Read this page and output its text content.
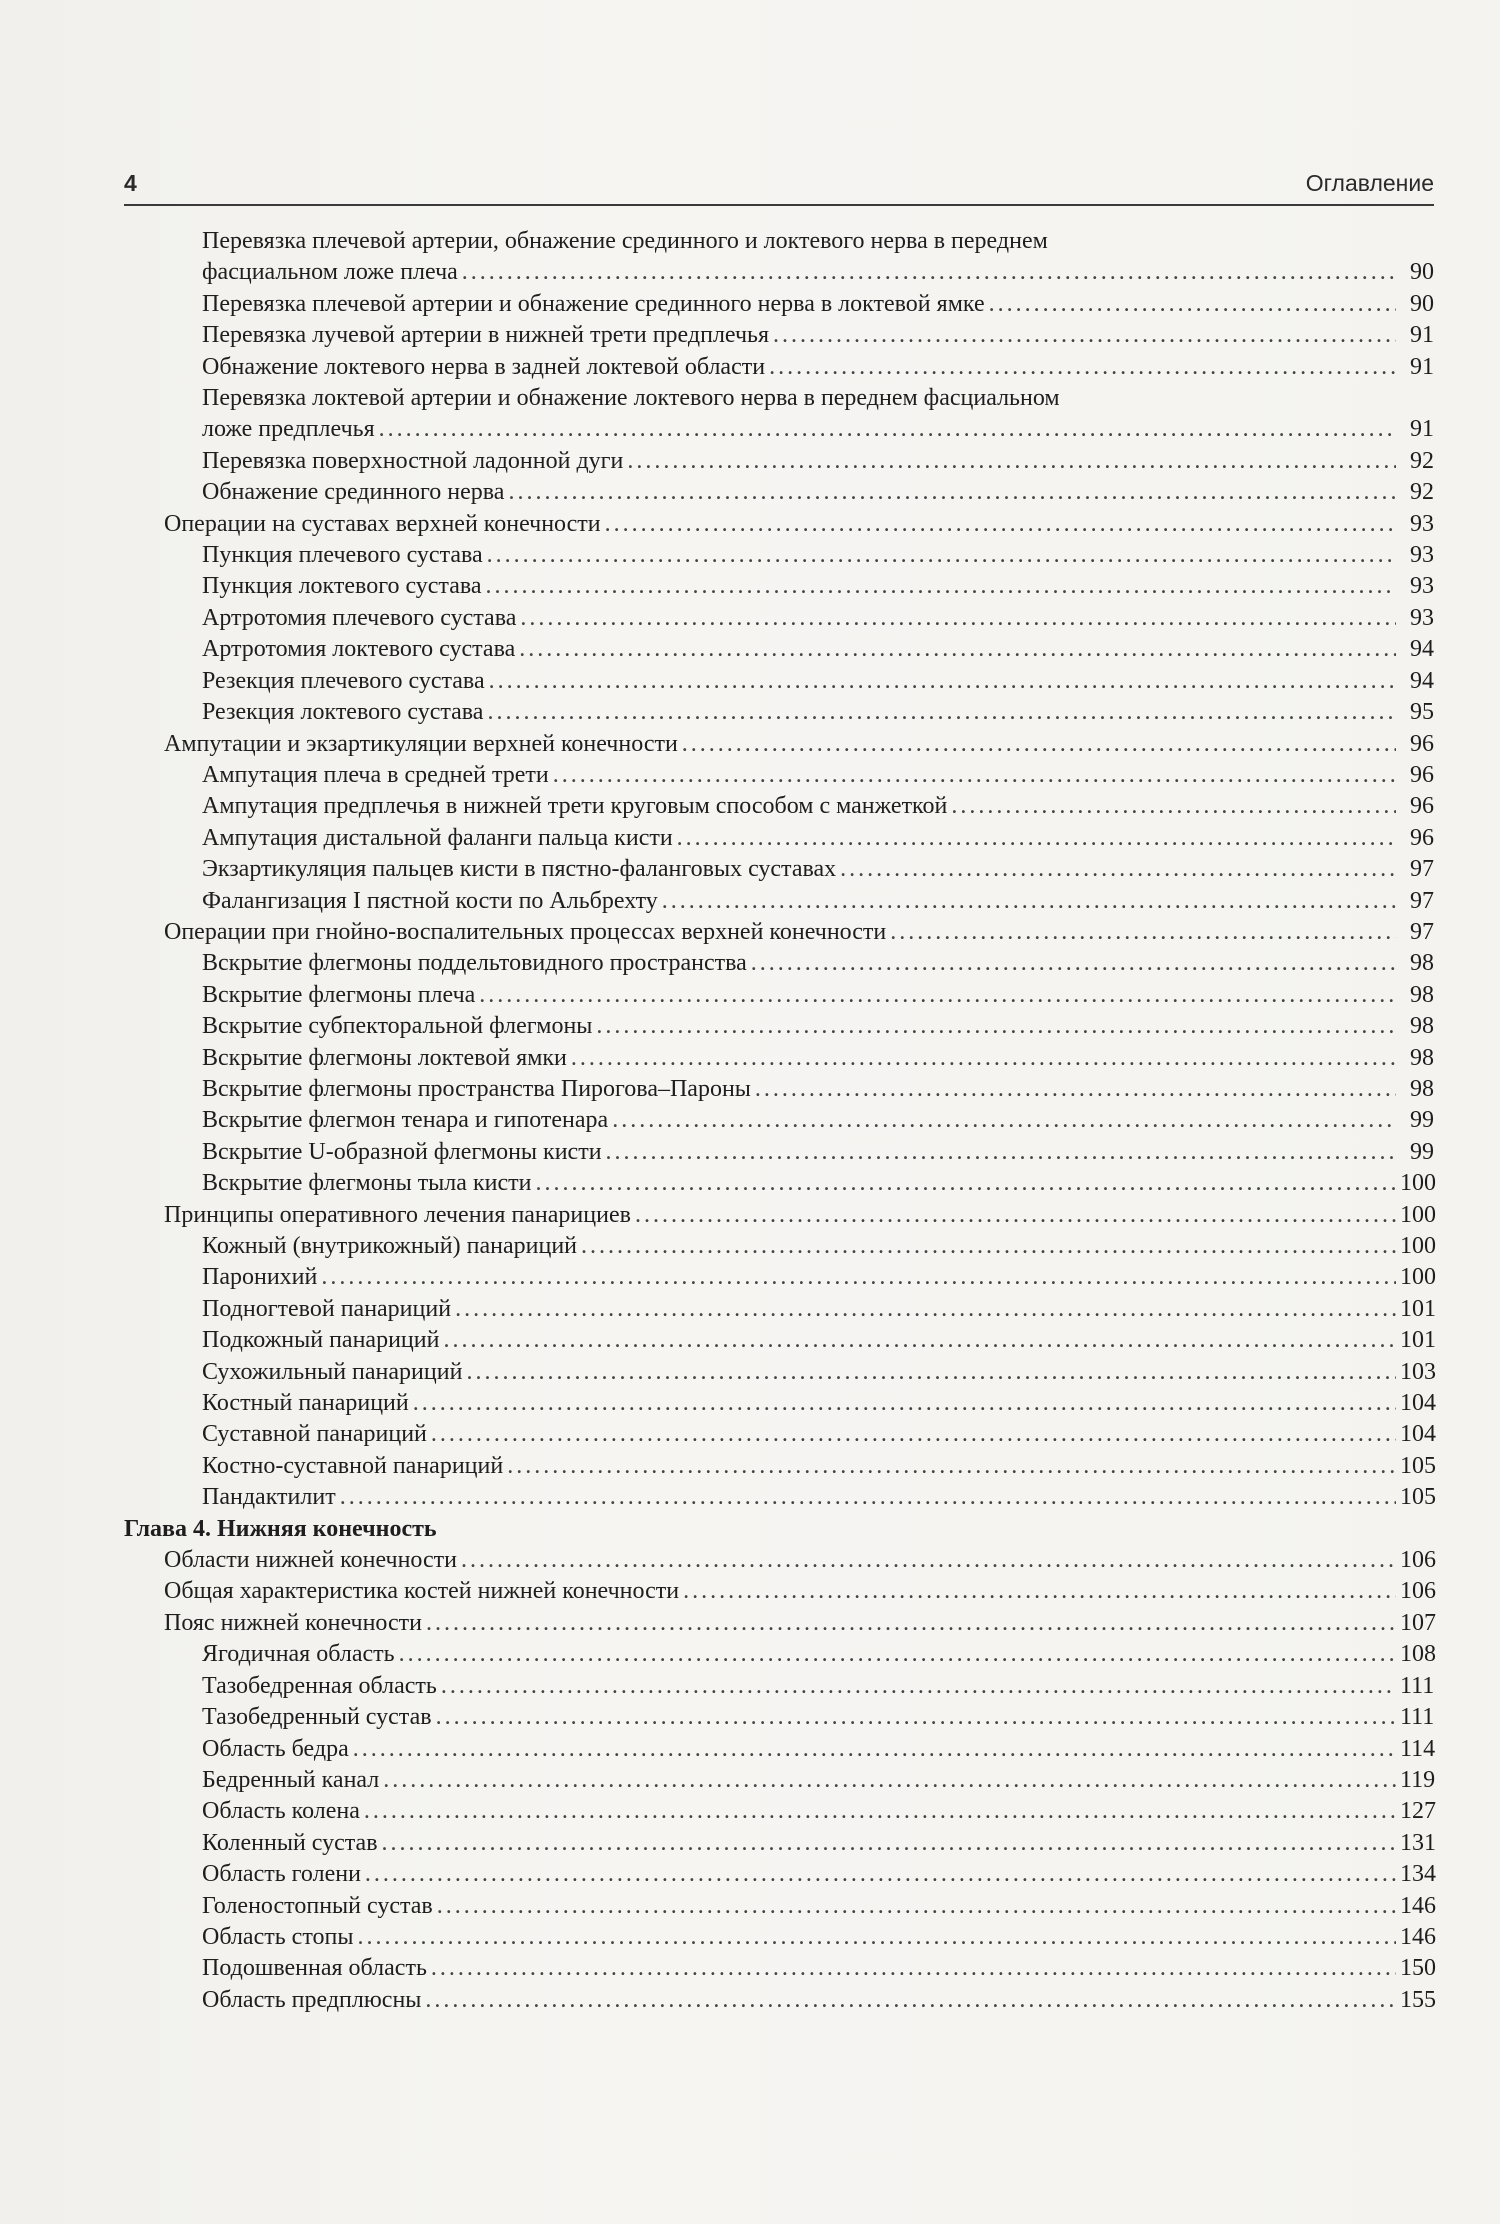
4	Оглавление
Перевязка плечевой артерии, обнажение срединного и локтевого нерва в переднем
фасциальном ложе плеча .....	90
Перевязка плечевой артерии и обнажение срединного нерва в локтевой ямке .....	90
Перевязка лучевой артерии в нижней трети предплечья .....	91
Обнажение локтевого нерва в задней локтевой области .....	91
Перевязка локтевой артерии и обнажение локтевого нерва в переднем фасциальном
ложе предплечья .....	91
Перевязка поверхностной ладонной дуги .....	92
Обнажение срединного нерва .....	92
Операции на суставах верхней конечности .....	93
Пункция плечевого сустава .....	93
Пункция локтевого сустава .....	93
Артротомия плечевого сустава .....	93
Артротомия локтевого сустава .....	94
Резекция плечевого сустава .....	94
Резекция локтевого сустава .....	95
Ампутации и экзартикуляции верхней конечности .....	96
Ампутация плеча в средней трети .....	96
Ампутация предплечья в нижней трети круговым способом с манжеткой .....	96
Ампутация дистальной фаланги пальца кисти .....	96
Экзартикуляция пальцев кисти в пястно-фаланговых суставах .....	97
Фалангизация I пястной кости по Альбрехту .....	97
Операции при гнойно-воспалительных процессах верхней конечности .....	97
Вскрытие флегмоны поддельтовидного пространства .....	98
Вскрытие флегмоны плеча .....	98
Вскрытие субпекторальной флегмоны .....	98
Вскрытие флегмоны локтевой ямки .....	98
Вскрытие флегмоны пространства Пирогова–Пароны .....	98
Вскрытие флегмон тенара и гипотенара .....	99
Вскрытие U-образной флегмоны кисти .....	99
Вскрытие флегмоны тыла кисти .....	100
Принципы оперативного лечения панарициев .....	100
Кожный (внутрикожный) панариций .....	100
Паронихий .....	100
Подногтевой панариций .....	101
Подкожный панариций .....	101
Сухожильный панариций .....	103
Костный панариций .....	104
Суставной панариций .....	104
Костно-суставной панариций .....	105
Пандактилит .....	105
Глава 4. Нижняя конечность
Области нижней конечности .....	106
Общая характеристика костей нижней конечности .....	106
Пояс нижней конечности .....	107
Ягодичная область .....	108
Тазобедренная область .....	111
Тазобедренный сустав .....	111
Область бедра .....	114
Бедренный канал .....	119
Область колена .....	127
Коленный сустав .....	131
Область голени .....	134
Голеностопный сустав .....	146
Область стопы .....	146
Подошвенная область .....	150
Область предплюсны .....	155
